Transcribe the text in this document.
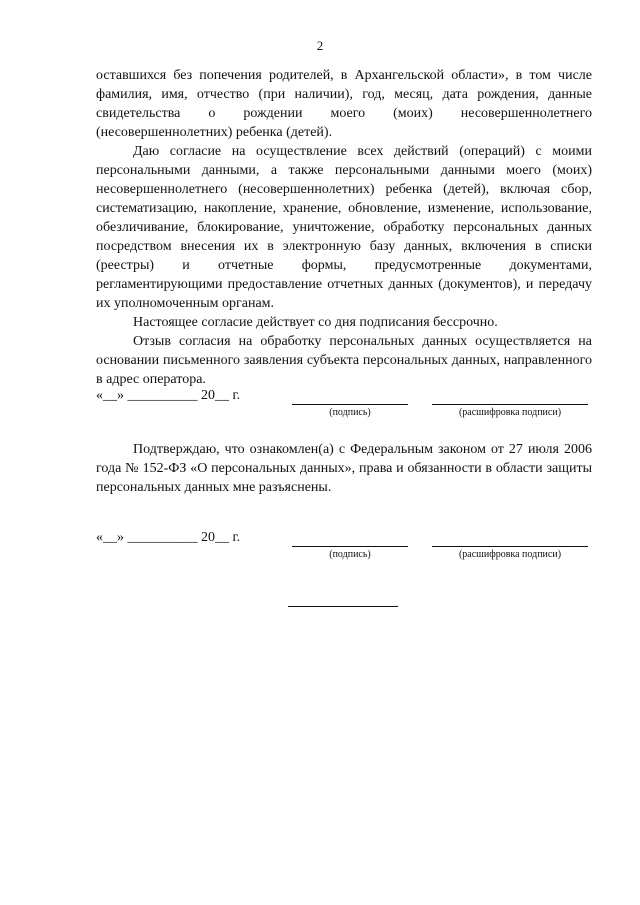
2

оставшихся без попечения родителей, в Архангельской области», в том числе фамилия, имя, отчество (при наличии), год, месяц, дата рождения, данные свидетельства о рождении моего (моих) несовершеннолетнего (несовершеннолетних) ребенка (детей).

Даю согласие на осуществление всех действий (операций) с моими персональными данными, а также персональными данными моего (моих) несовершеннолетнего (несовершеннолетних) ребенка (детей), включая сбор, систематизацию, накопление, хранение, обновление, изменение, использование, обезличивание, блокирование, уничтожение, обработку персональных данных посредством внесения их в электронную базу данных, включения в списки (реестры) и отчетные формы, предусмотренные документами, регламентирующими предоставление отчетных данных (документов), и передачу их уполномоченным органам.

Настоящее согласие действует со дня подписания бессрочно.

Отзыв согласия на обработку персональных данных осуществляется на основании письменного заявления субъекта персональных данных, направленного в адрес оператора.

«__» __________ 20__ г.
(подпись)	(расшифровка подписи)

Подтверждаю, что ознакомлен(а) с Федеральным законом от 27 июля 2006 года № 152-ФЗ «О персональных данных», права и обязанности в области защиты персональных данных мне разъяснены.

«__» __________ 20__ г.
(подпись)	(расшифровка подписи)
